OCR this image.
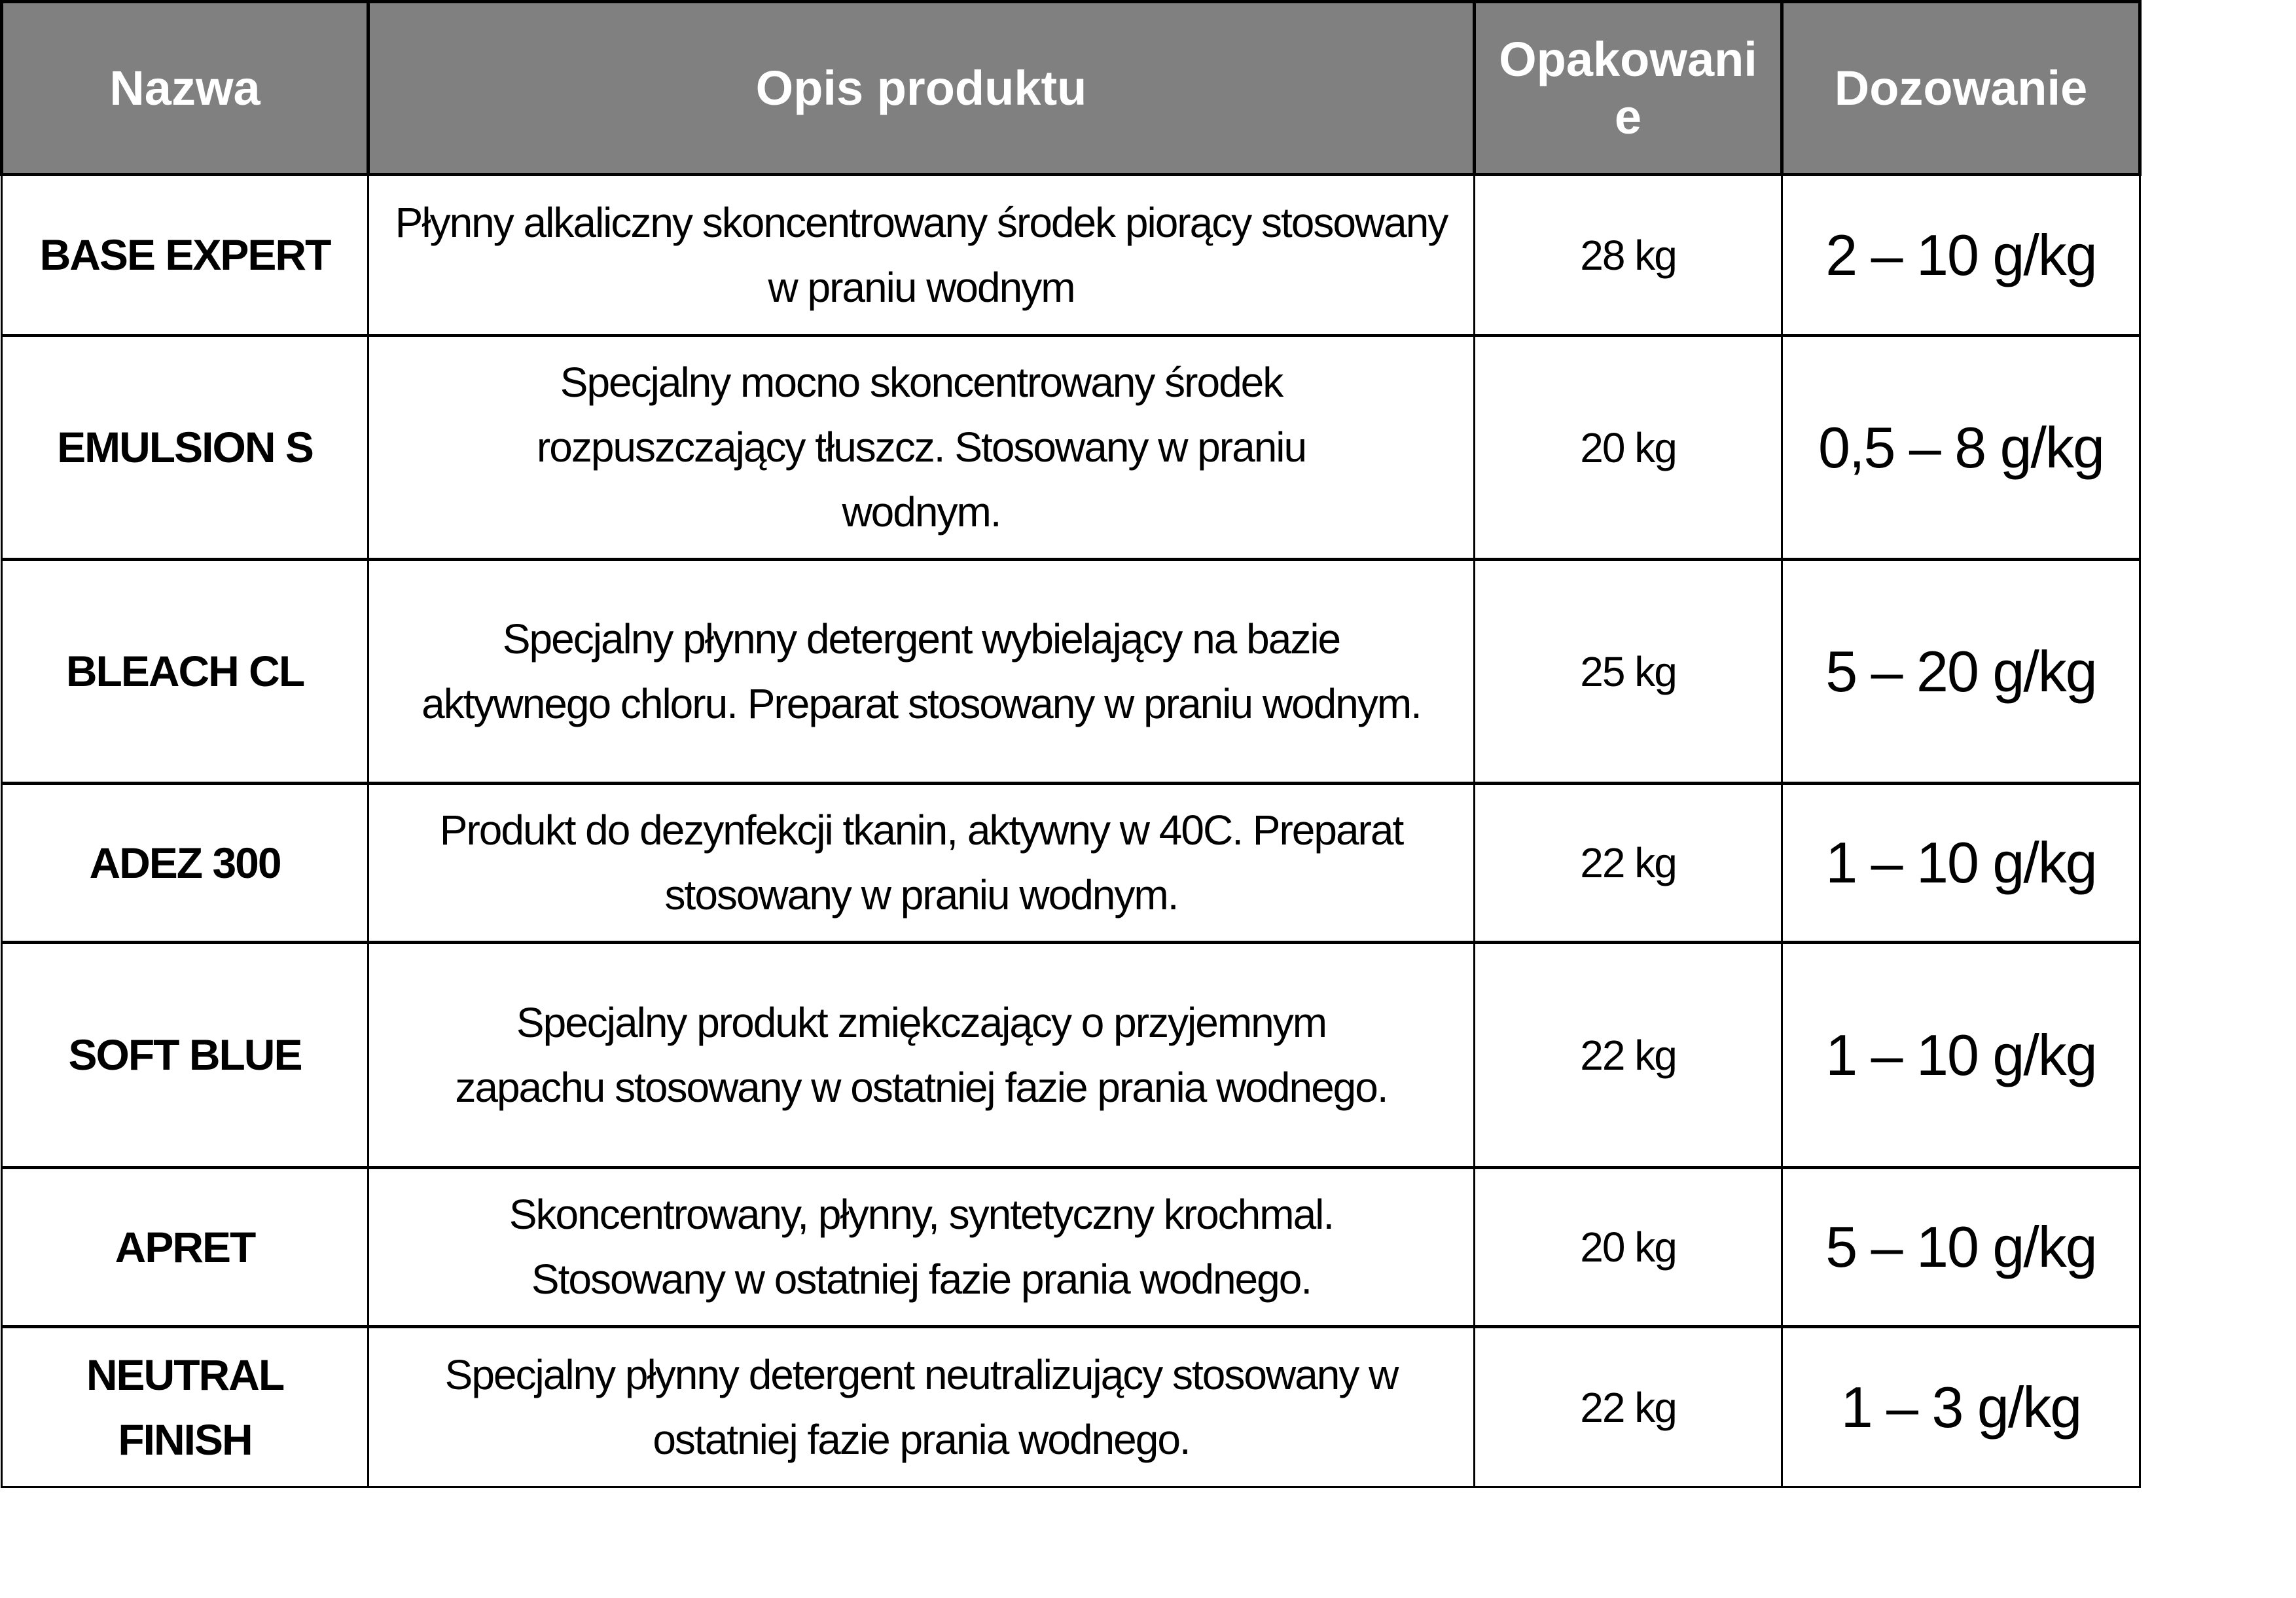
Nazwa	Opis produktu	Opakowanie	Dozowanie
BASE EXPERT	Płynny alkaliczny skoncentrowany środek piorący stosowany w praniu wodnym	28 kg	2 – 10 g/kg
EMULSION S	Specjalny mocno skoncentrowany środek rozpuszczający tłuszcz. Stosowany w praniu wodnym.	20 kg	0,5 – 8 g/kg
BLEACH CL	Specjalny płynny detergent wybielający na bazie aktywnego chloru. Preparat stosowany w praniu wodnym.	25 kg	5 – 20 g/kg
ADEZ 300	Produkt do dezynfekcji tkanin, aktywny w 40C. Preparat stosowany w praniu wodnym.	22 kg	1 – 10 g/kg
SOFT BLUE	Specjalny produkt zmiękczający o przyjemnym zapachu stosowany w ostatniej fazie prania wodnego.	22 kg	1 – 10 g/kg
APRET	Skoncentrowany, płynny, syntetyczny krochmal. Stosowany w ostatniej fazie prania wodnego.	20 kg	5 – 10 g/kg
NEUTRAL FINISH	Specjalny płynny detergent neutralizujący stosowany w ostatniej fazie prania wodnego.	22 kg	1 – 3 g/kg
